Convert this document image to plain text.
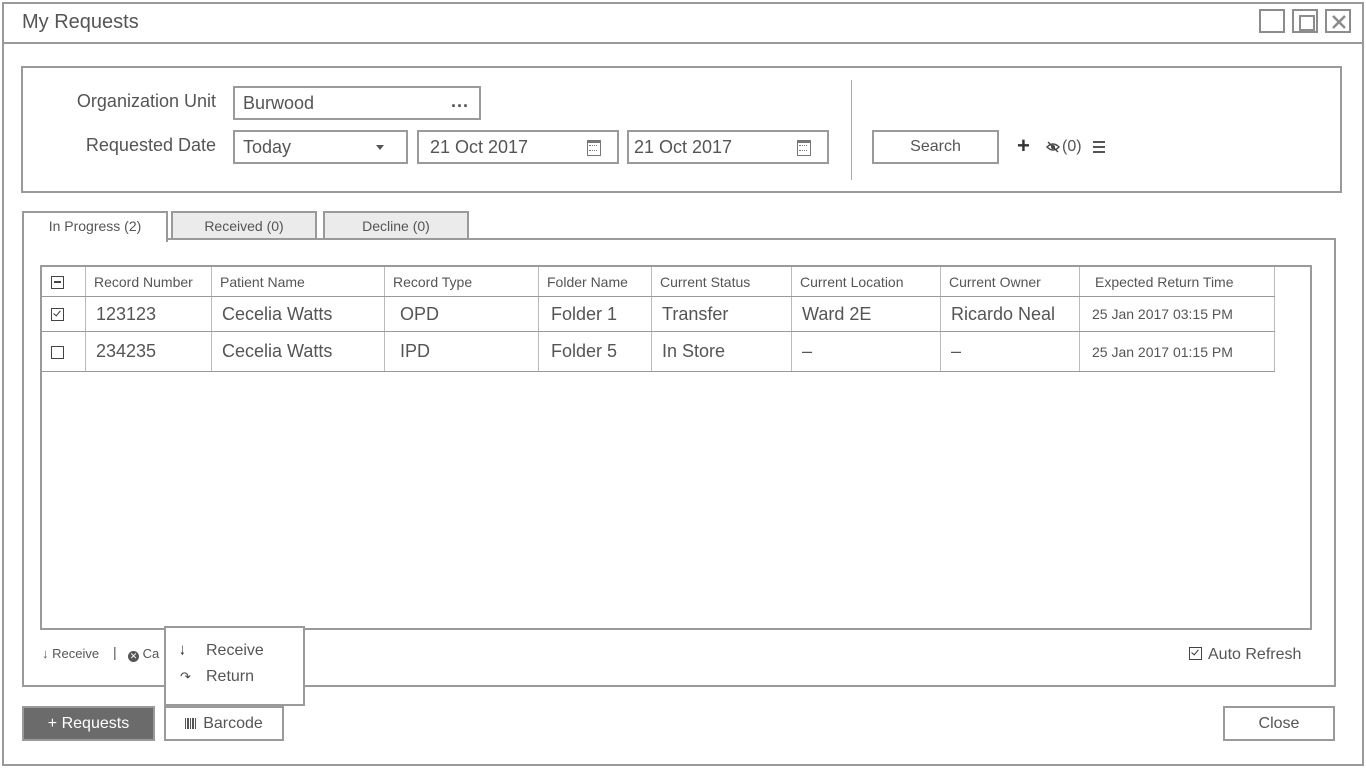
My Requests
Organization Unit
Requested Date
Burwood	...
Today	21 Oct 2017	21 Oct 2017	Search	+ (0)
In Progress (2)	Received (0)	Decline (0)
	Record Number	Patient Name	Record Type	Folder Name	Current Status	Current Location	Current Owner	Expected Return Time
	123123	Cecelia Watts	OPD	Folder 1	Transfer	Ward 2E	Ricardo Neal	25 Jan 2017 03:15 PM
	234235	Cecelia Watts	IPD	Folder 5	In Store	–	–	25 Jan 2017 01:15 PM
↓ Receive | ✕ Ca 🠓 Receive
↷ Return
Auto Refresh
+ Requests	Barcode	Close
